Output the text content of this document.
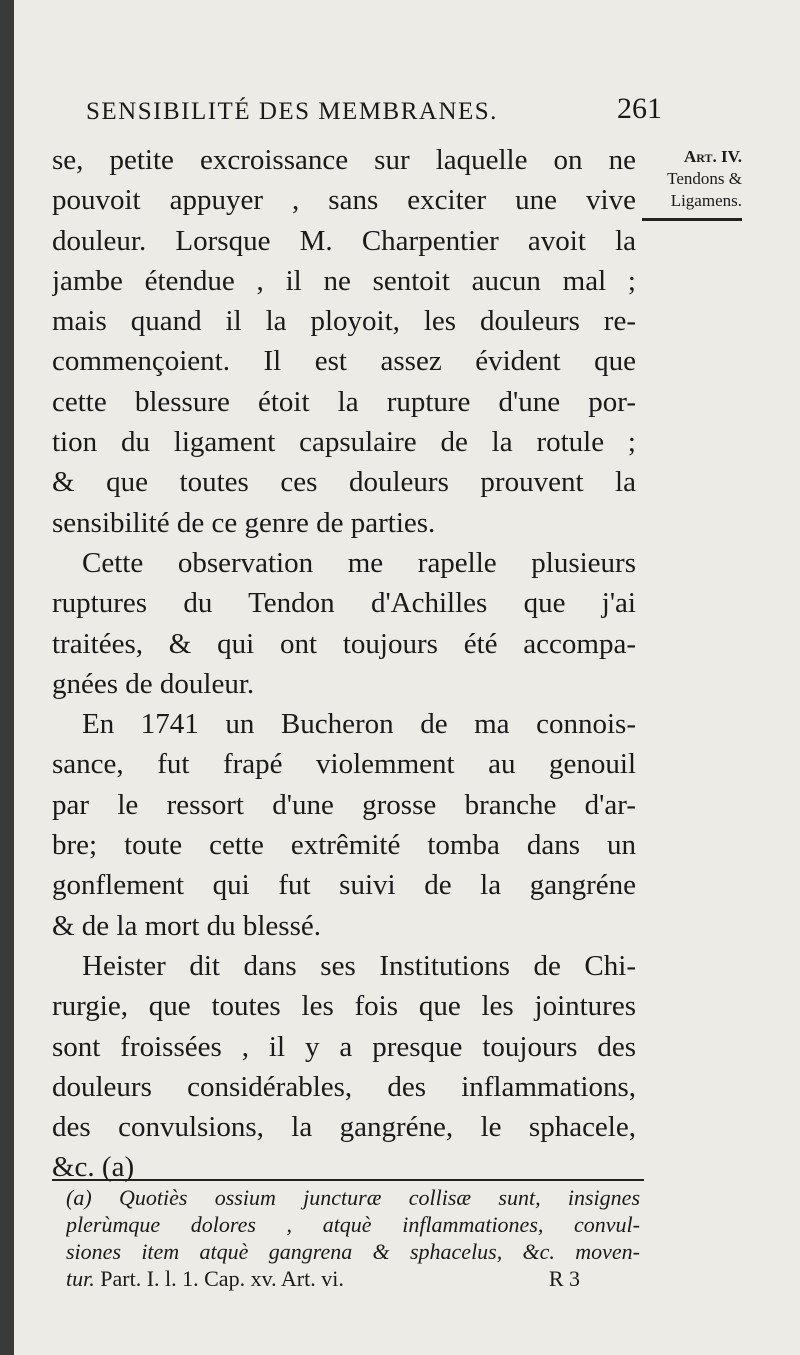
SENSIBILITÉ DES MEMBRANES.	261
Art. IV.
Tendons &
Ligamens.
se, petite excroissance sur laquelle on ne
pouvoit appuyer , sans exciter une vive
douleur. Lorsque M. Charpentier avoit la
jambe étendue , il ne sentoit aucun mal ;
mais quand il la ployoit, les douleurs re-
commençoient. Il est assez évident que
cette blessure étoit la rupture d'une por-
tion du ligament capsulaire de la rotule ;
& que toutes ces douleurs prouvent la
sensibilité de ce genre de parties.
Cette observation me rapelle plusieurs
ruptures du Tendon d'Achilles que j'ai
traitées, & qui ont toujours été accompa-
gnées de douleur.
En 1741 un Bucheron de ma connois-
sance, fut frapé violemment au genouil
par le ressort d'une grosse branche d'ar-
bre; toute cette extrêmité tomba dans un
gonflement qui fut suivi de la gangréne
& de la mort du blessé.
Heister dit dans ses Institutions de Chi-
rurgie, que toutes les fois que les jointures
sont froissées , il y a presque toujours des
douleurs considérables, des inflammations,
des convulsions, la gangréne, le sphacele,
&c. (a)
(a) Quotiès ossium juncturæ collisæ sunt, insignes
plerùmque dolores , atquè inflammationes, convul-
siones item atquè gangrena & sphacelus, &c. moven-
tur. Part. I. l. 1. Cap. xv. Art. vi.	R 3
